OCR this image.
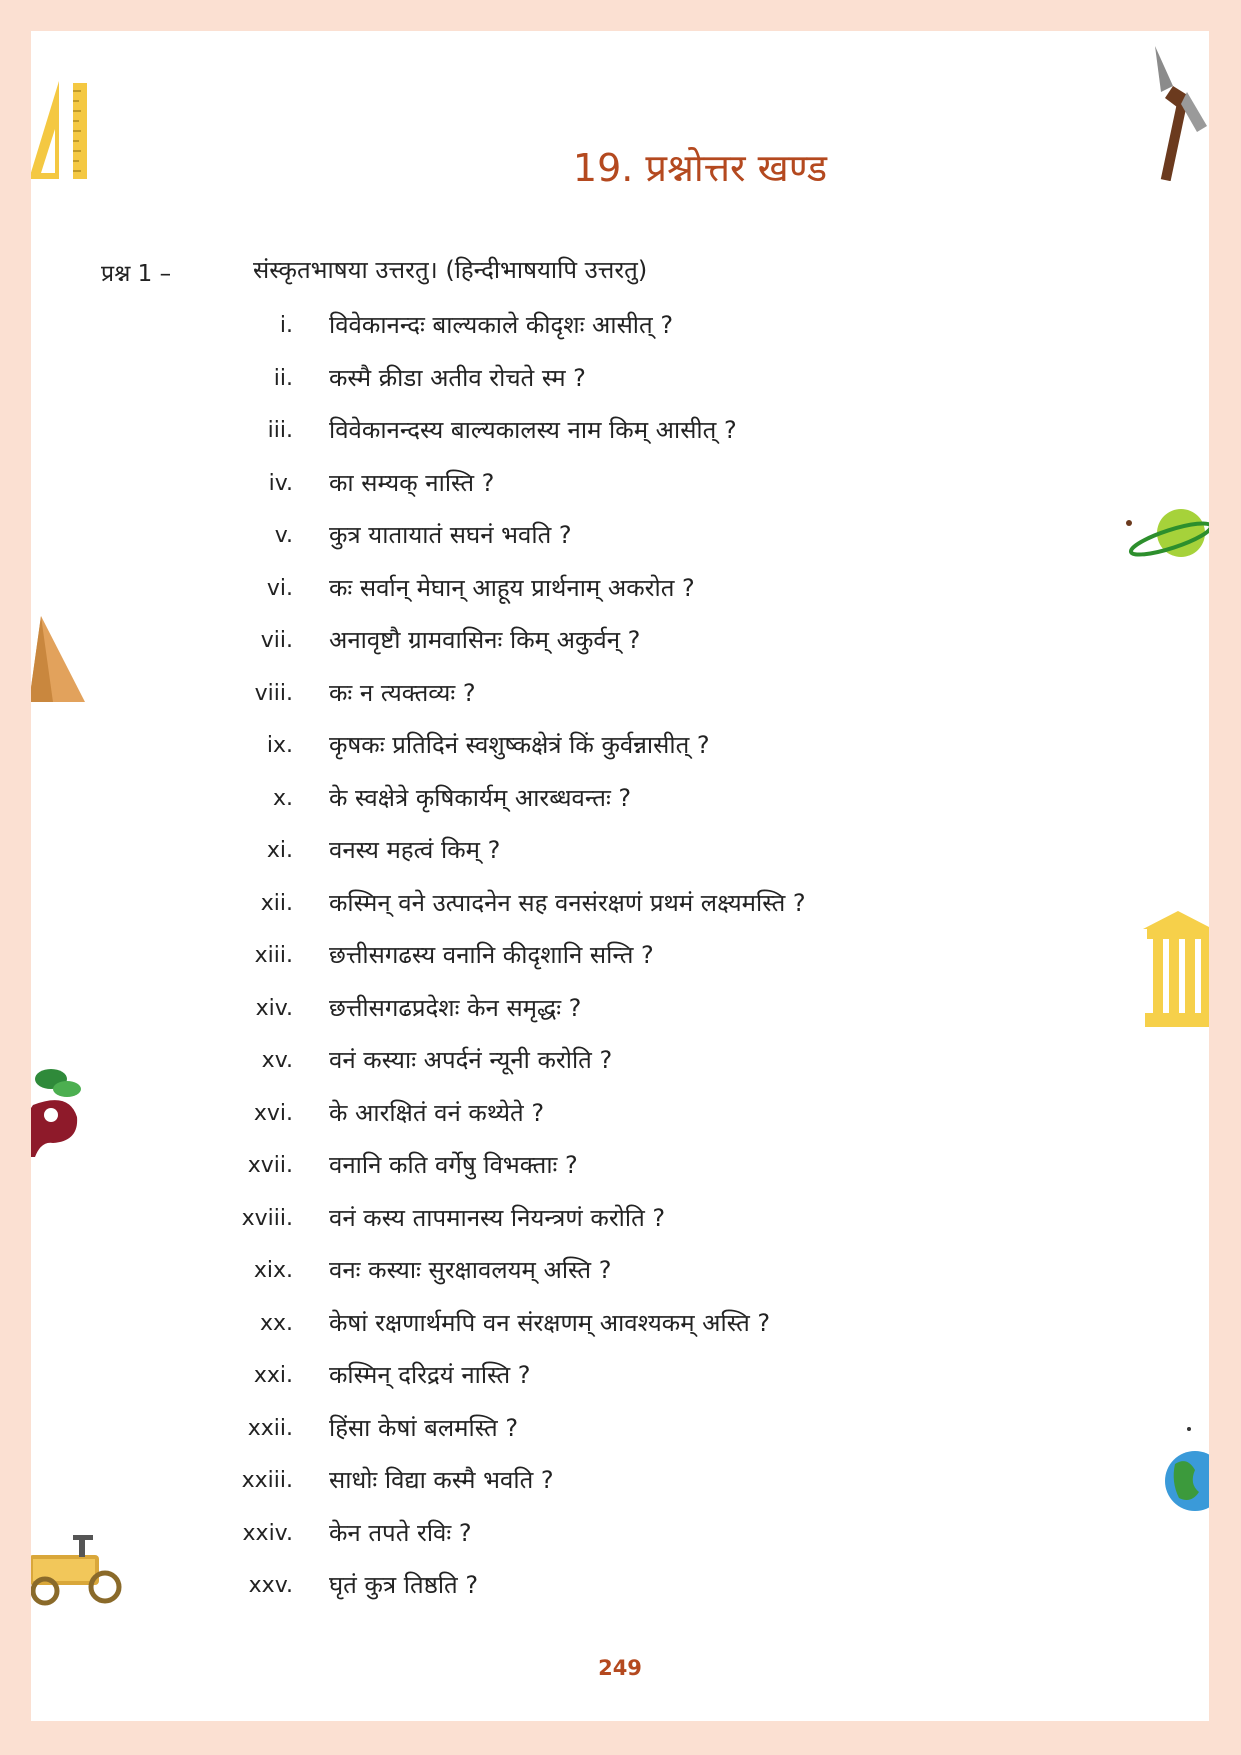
19. प्रश्नोत्तर खण्ड
प्रश्न 1 –	संस्कृतभाषया उत्तरतु। (हिन्दीभाषयापि उत्तरतु)
i.	विवेकानन्दः बाल्यकाले कीदृशः आसीत् ?
ii.	कस्मै क्रीडा अतीव रोचते स्म ?
iii.	विवेकानन्दस्य बाल्यकालस्य नाम किम् आसीत् ?
iv.	का सम्यक् नास्ति ?
v.	कुत्र यातायातं सघनं भवति ?
vi.	कः सर्वान् मेघान् आहूय प्रार्थनाम् अकरोत ?
vii.	अनावृष्टौ ग्रामवासिनः किम् अकुर्वन् ?
viii.	कः न त्यक्तव्यः ?
ix.	कृषकः प्रतिदिनं स्वशुष्कक्षेत्रं किं कुर्वन्नासीत् ?
x.	के स्वक्षेत्रे कृषिकार्यम् आरब्धवन्तः ?
xi.	वनस्य महत्वं किम् ?
xii.	कस्मिन् वने उत्पादनेन सह वनसंरक्षणं प्रथमं लक्ष्यमस्ति ?
xiii.	छत्तीसगढस्य वनानि कीदृशानि सन्ति ?
xiv.	छत्तीसगढप्रदेशः केन समृद्धः ?
xv.	वनं कस्याः अपर्दनं न्यूनी करोति ?
xvi.	के आरक्षितं वनं कथ्येते ?
xvii.	वनानि कति वर्गेषु विभक्ताः ?
xviii.	वनं कस्य तापमानस्य नियन्त्रणं करोति ?
xix.	वनः कस्याः सुरक्षावलयम् अस्ति ?
xx.	केषां रक्षणार्थमपि वन संरक्षणम् आवश्यकम् अस्ति ?
xxi.	कस्मिन् दरिद्रयं नास्ति ?
xxii.	हिंसा केषां बलमस्ति ?
xxiii.	साधोः विद्या कस्मै भवति ?
xxiv.	केन तपते रविः ?
xxv.	घृतं कुत्र तिष्ठति ?
249
